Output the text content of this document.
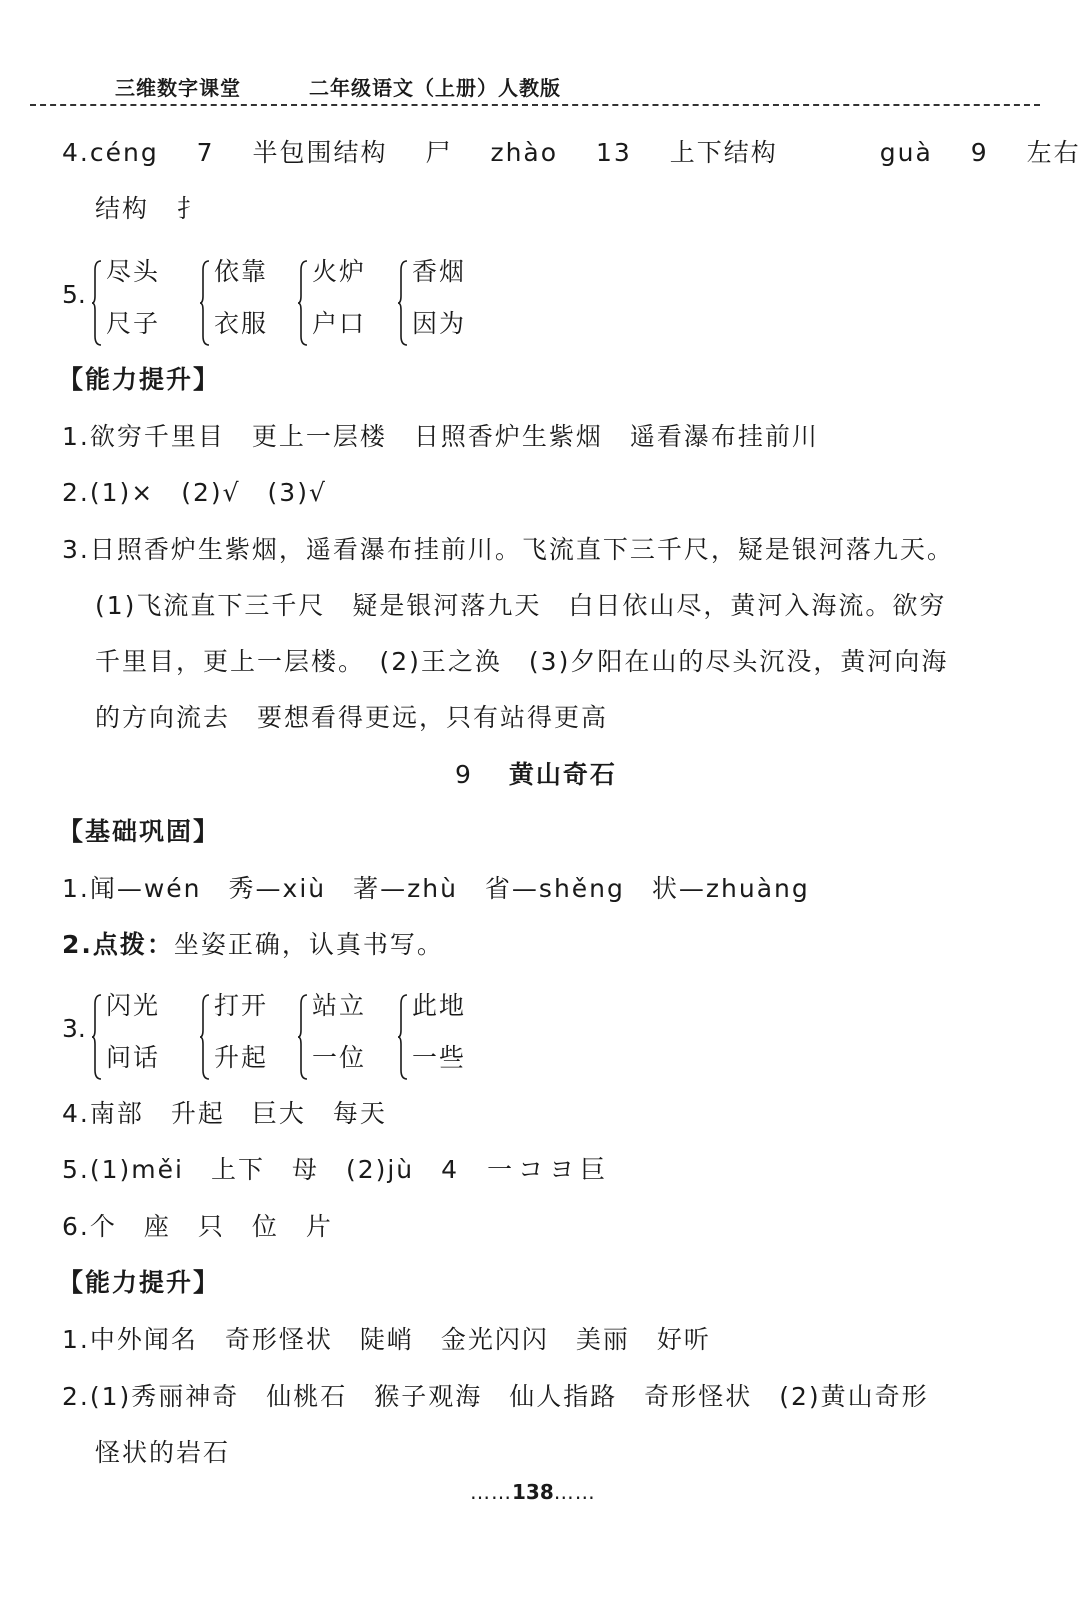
三维数字课堂	二年级语文（上册）人教版
4.céng 7 半包围结构 尸 zhào 13 上下结构	guà 9 左右
结构 扌
5.
尽头
尺子
依靠
衣服
火炉
户口
香烟
因为
【能力提升】
1.欲穷千里目　更上一层楼　日照香炉生紫烟　遥看瀑布挂前川
2.(1)×　(2)√　(3)√
3.日照香炉生紫烟，遥看瀑布挂前川。飞流直下三千尺，疑是银河落九天。
(1)飞流直下三千尺　疑是银河落九天　白日依山尽，黄河入海流。欲穷
千里目，更上一层楼。　(2)王之涣　(3)夕阳在山的尽头沉没，黄河向海
的方向流去　要想看得更远，只有站得更高
9 黄山奇石
【基础巩固】
1.闻—wén　秀—xiù　著—zhù　省—shěng　状—zhuàng
2.点拨：坐姿正确，认真书写。
3.
闪光
问话
打开
升起
站立
一位
此地
一些
4.南部　升起　巨大　每天
5.(1)měi　上下　母　(2)jù　4 一コヨ巨
6.个　座　只　位　片
【能力提升】
1.中外闻名　奇形怪状　陡峭　金光闪闪　美丽　好听
2.(1)秀丽神奇　仙桃石　猴子观海　仙人指路　奇形怪状　(2)黄山奇形
怪状的岩石
……138……
